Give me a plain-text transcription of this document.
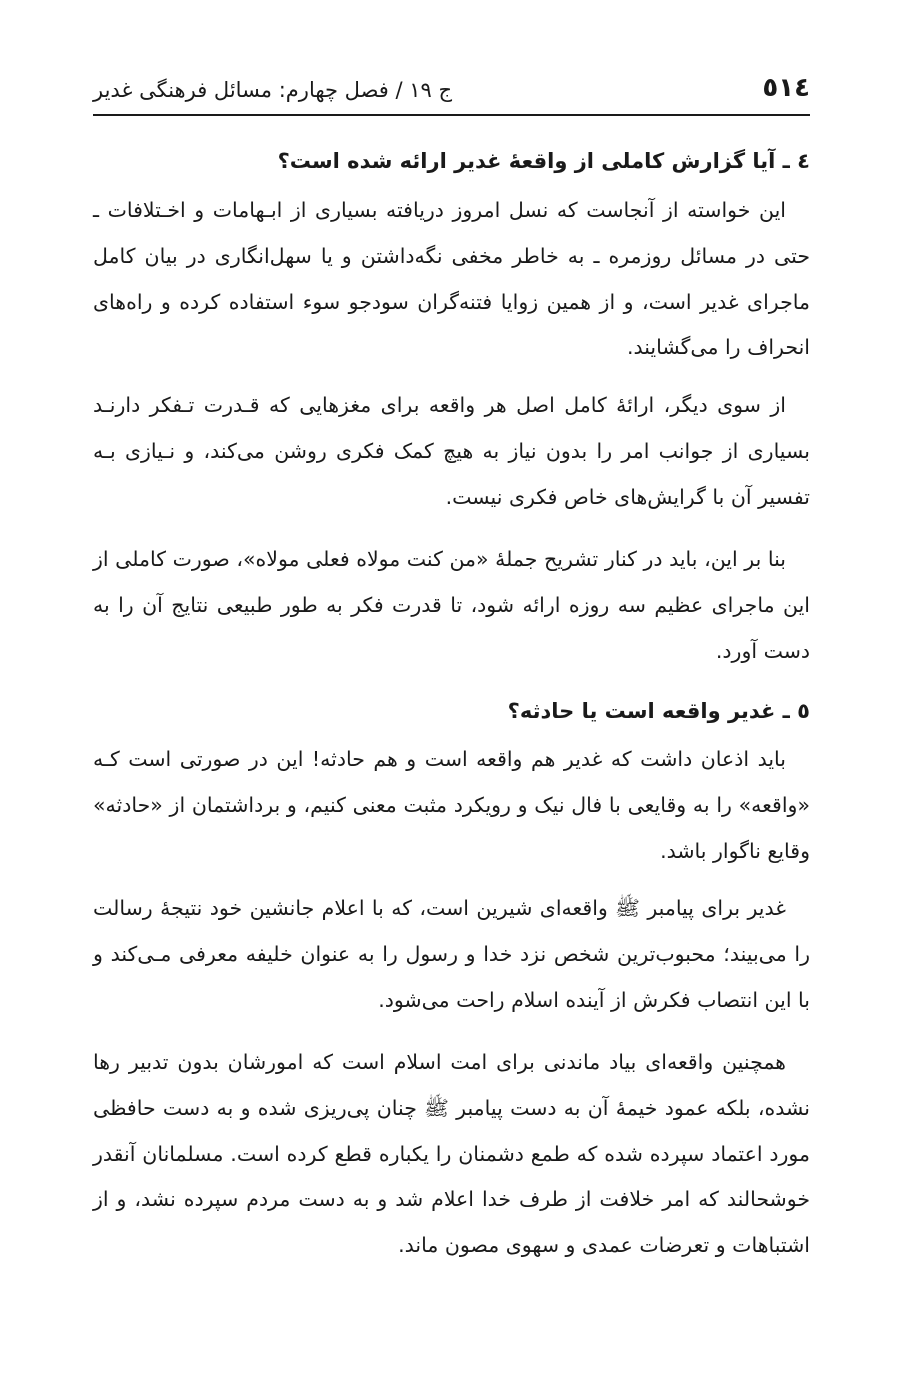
٥١٤
ج ١٩ / فصل چهارم: مسائل فرهنگی غدیر
٤ ـ آیا گزارش کاملی از واقعۀ غدیر ارائه شده است؟
این خواسته از آنجاست که نسل امروز دریافته بسیاری از ابـهامات و اخـتلافات ـ حتی در مسائل روزمره ـ به خاطر مخفی نگه‌داشتن و یا سهل‌انگاری در بیان کامل ماجرای غدیر است، و از همین زوایا فتنه‌گران سودجو سوء استفاده کرده و راه‌های انحراف را می‌گشایند.
از سوی دیگر، ارائۀ کامل اصل هر واقعه برای مغزهایی که قـدرت تـفکر دارنـد بسیاری از جوانب امر را بدون نیاز به هیچ کمک فکری روشن می‌کند، و نـیازی بـه تفسیر آن با گرایش‌های خاص فکری نیست.
بنا بر این، باید در کنار تشریح جملۀ «من کنت مولاه فعلی مولاه»، صورت کاملی از این ماجرای عظیم سه روزه ارائه شود، تا قدرت فکر به طور طبیعی نتایج آن را به دست آورد.
٥ ـ غدیر واقعه است یا حادثه؟
باید اذعان داشت که غدیر هم واقعه است و هم حادثه! این در صورتی است کـه «واقعه» را به وقایعی با فال نیک و رویکرد مثبت معنی کنیم، و برداشتمان از «حادثه» وقایع ناگوار باشد.
غدیر برای پیامبر ﷺ واقعه‌ای شیرین است، که با اعلام جانشین خود نتیجۀ رسالت را می‌بیند؛ محبوب‌ترین شخص نزد خدا و رسول را به عنوان خلیفه معرفی مـی‌کند و با این انتصاب فکرش از آینده اسلام راحت می‌شود.
همچنین واقعه‌ای بیاد ماندنی برای امت اسلام است که امورشان بدون تدبیر رها نشده، بلکه عمود خیمۀ آن به دست پیامبر ﷺ چنان پی‌ریزی شده و به دست حافظی مورد اعتماد سپرده شده که طمع دشمنان را یکباره قطع کرده است. مسلمانان آنقدر خوشحالند که امر خلافت از طرف خدا اعلام شد و به دست مردم سپرده نشد، و از اشتباهات و تعرضات عمدی و سهوی مصون ماند.
